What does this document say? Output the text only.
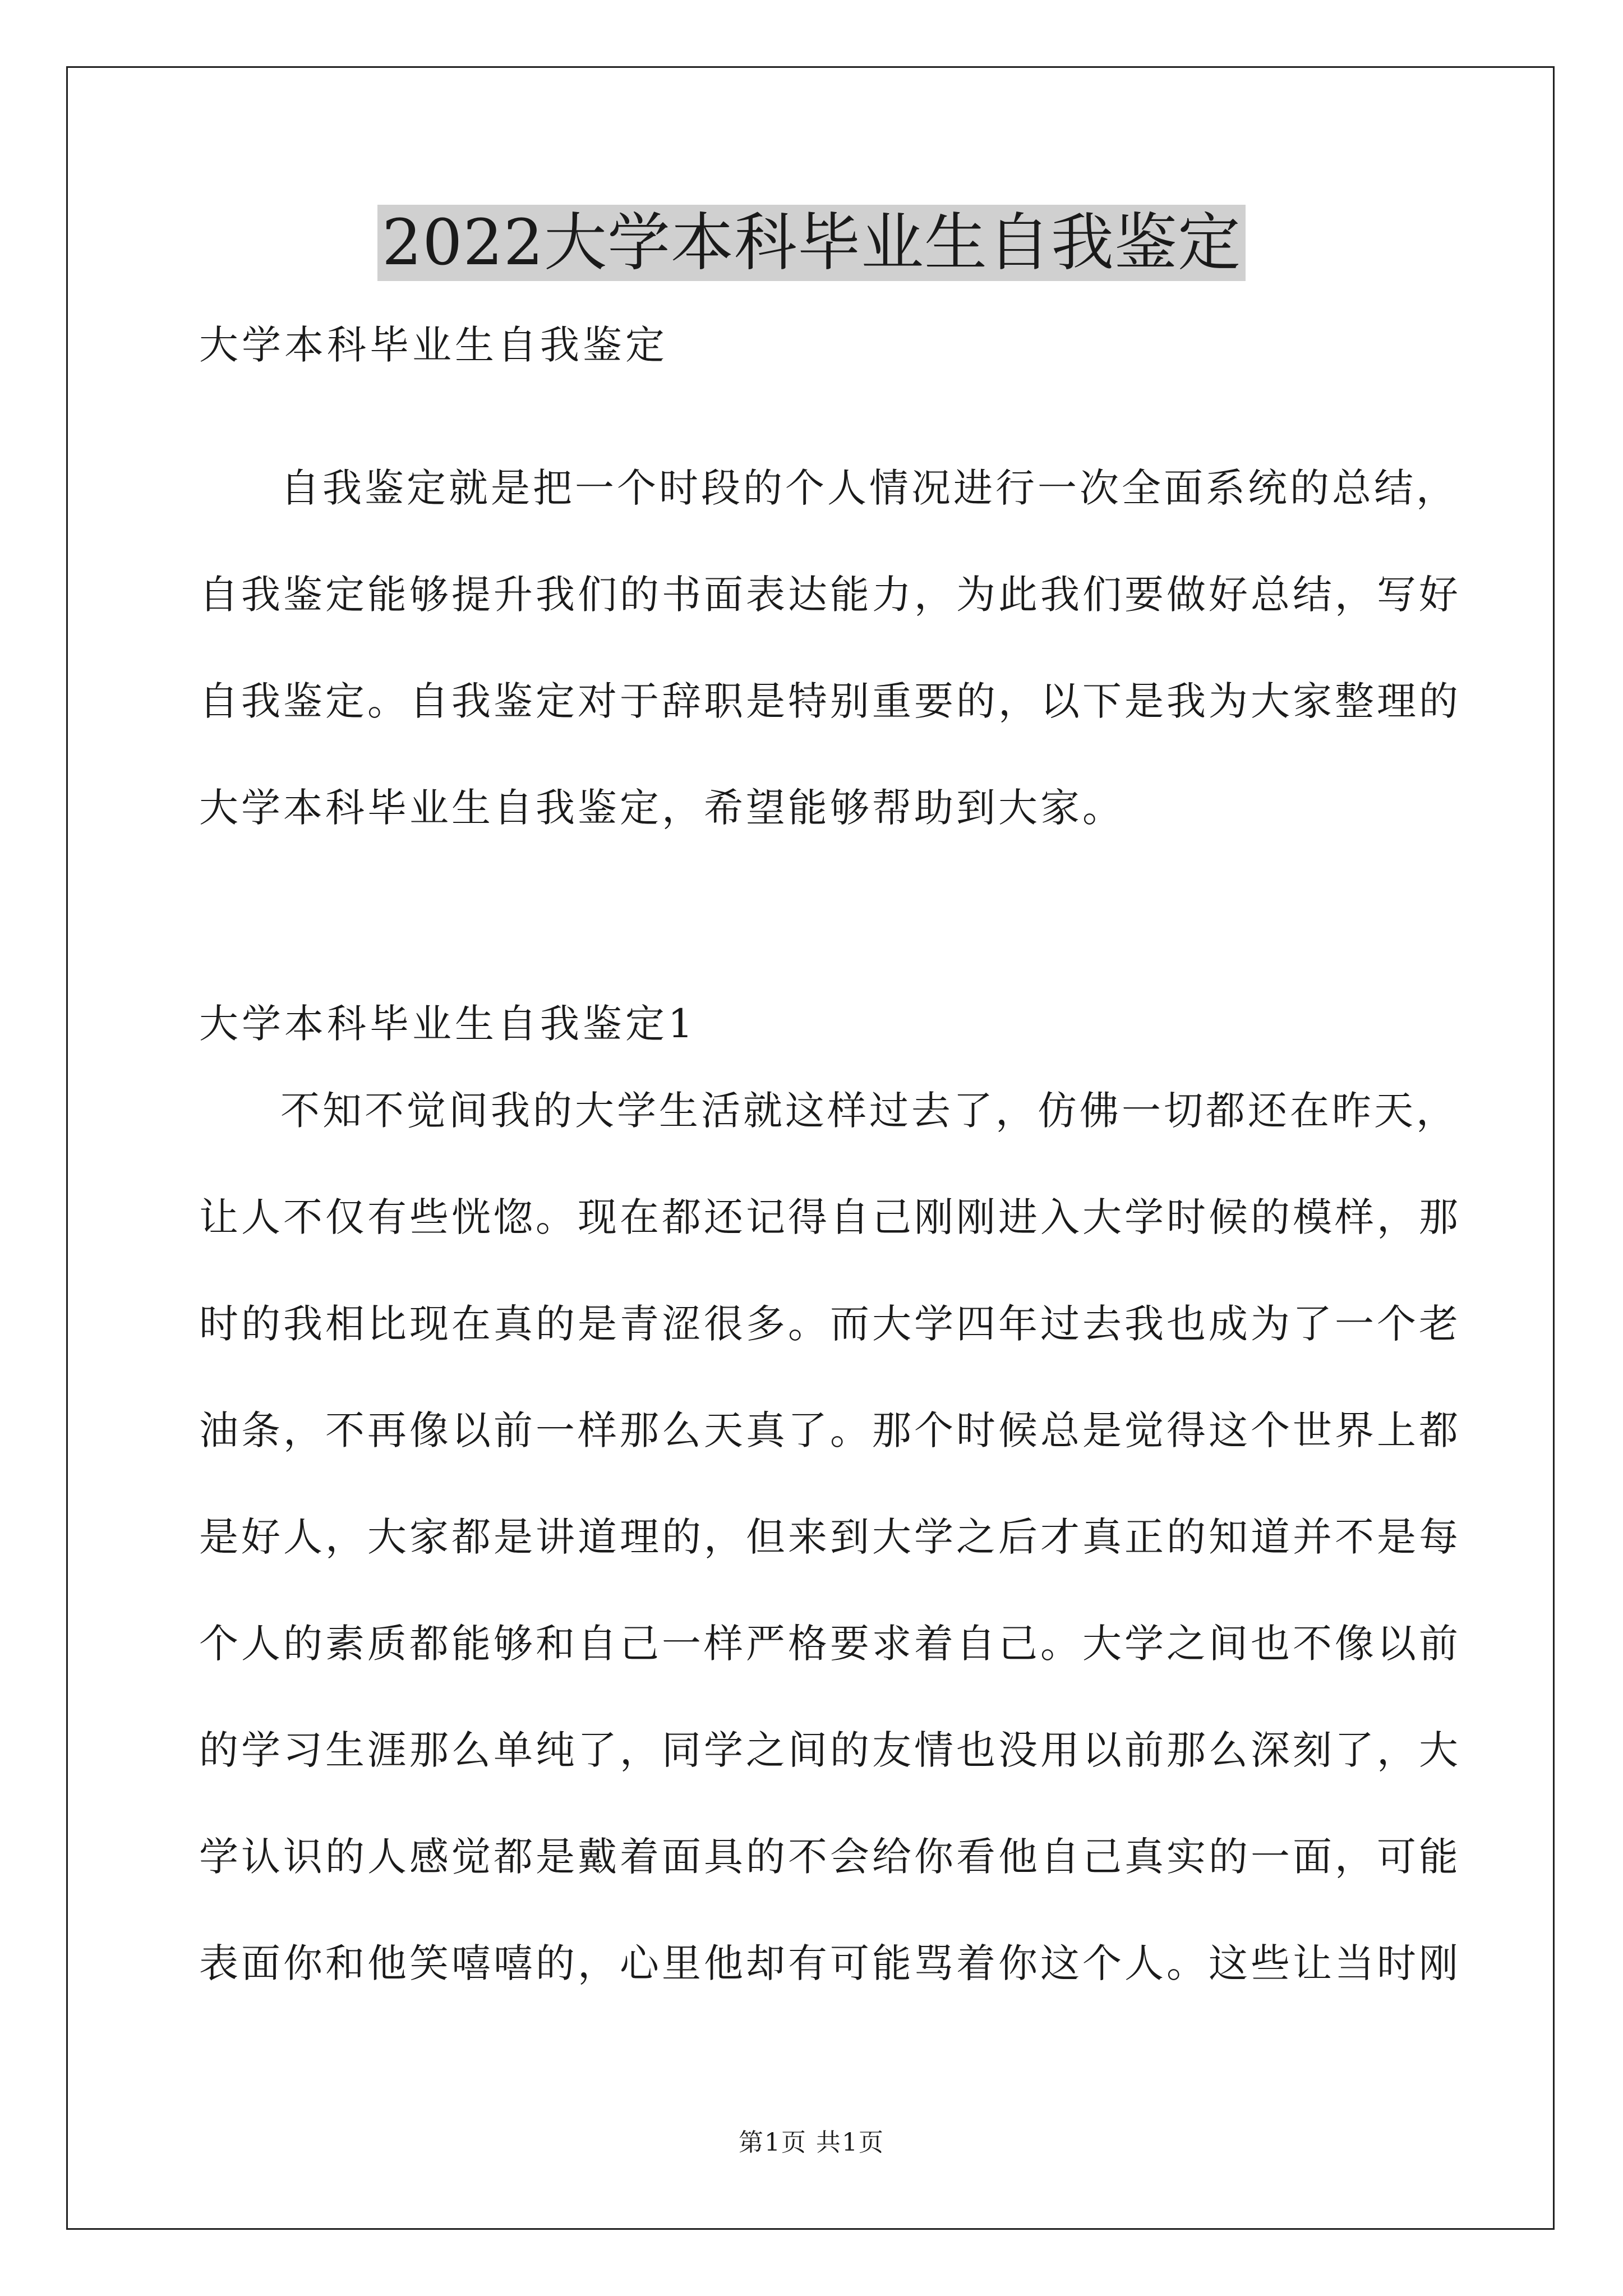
2022大学本科毕业生自我鉴定
大学本科毕业生自我鉴定

自我鉴定就是把一个时段的个人情况进行一次全面系统的总结，
自我鉴定能够提升我们的书面表达能力，为此我们要做好总结，写好
自我鉴定。自我鉴定对于辞职是特别重要的，以下是我为大家整理的
大学本科毕业生自我鉴定，希望能够帮助到大家。

大学本科毕业生自我鉴定1

不知不觉间我的大学生活就这样过去了，仿佛一切都还在昨天，
让人不仅有些恍惚。现在都还记得自己刚刚进入大学时候的模样，那
时的我相比现在真的是青涩很多。而大学四年过去我也成为了一个老
油条，不再像以前一样那么天真了。那个时候总是觉得这个世界上都
是好人，大家都是讲道理的，但来到大学之后才真正的知道并不是每
个人的素质都能够和自己一样严格要求着自己。大学之间也不像以前
的学习生涯那么单纯了，同学之间的友情也没用以前那么深刻了，大
学认识的人感觉都是戴着面具的不会给你看他自己真实的一面，可能
表面你和他笑嘻嘻的，心里他却有可能骂着你这个人。这些让当时刚

第1页 共1页
